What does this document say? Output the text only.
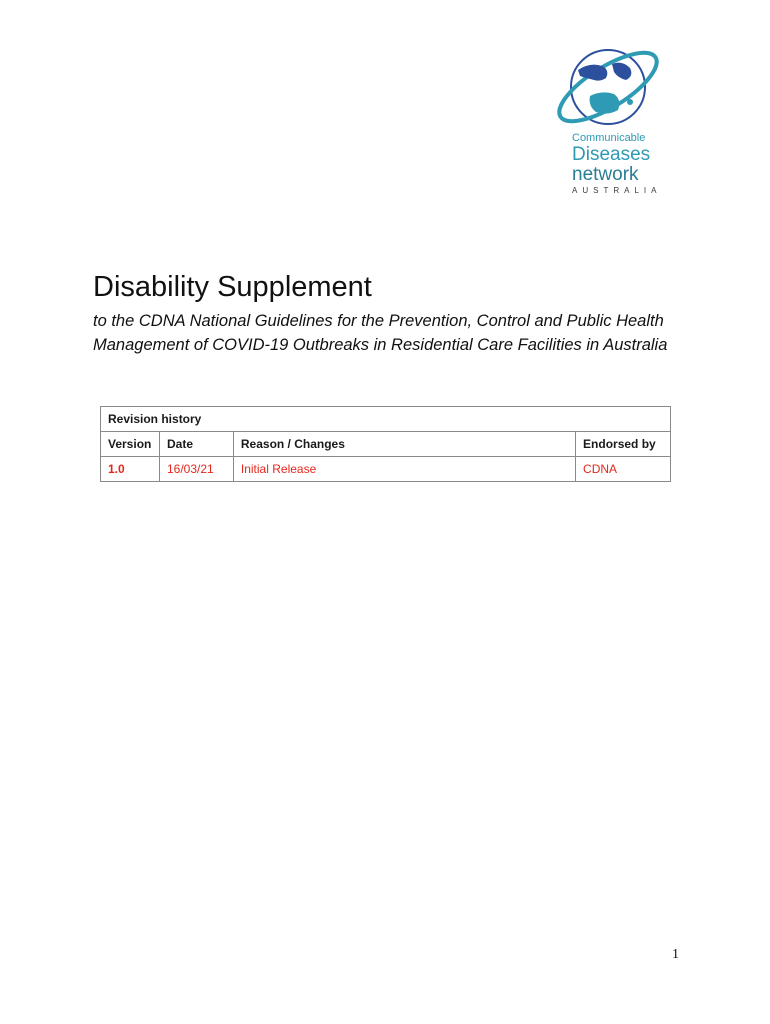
Communicable
Diseases
network
AUSTRALIA
Disability Supplement

to the CDNA National Guidelines for the Prevention, Control and Public Health Management of COVID-19 Outbreaks in Residential Care Facilities in Australia

Revision history			
Version	Date	Reason / Changes	Endorsed by
1.0	16/03/21	Initial Release	CDNA
1
